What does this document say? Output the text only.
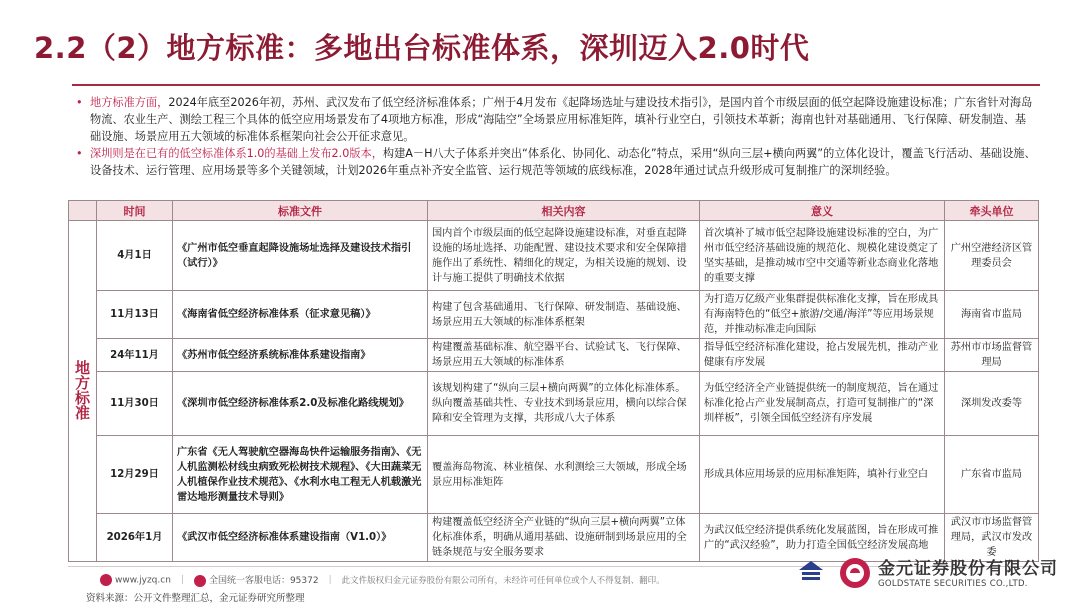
2.2（2）地方标准：多地出台标准体系，深圳迈入2.0时代
• 地方标准方面，2024年底至2026年初，苏州、武汉发布了低空经济标准体系；广州于4月发布《起降场选址与建设技术指引》，是国内首个市级层面的低空起降设施建设标准；广东省针对海岛物流、农业生产、测绘工程三个具体的低空应用场景发布了4项地方标准，形成“海陆空”全场景应用标准矩阵，填补行业空白，引领技术革新；海南也针对基础通用、飞行保障、研发制造、基础设施、场景应用五大领域的标准体系框架向社会公开征求意见。
• 深圳则是在已有的低空标准体系1.0的基础上发布2.0版本，构建A－H八大子体系并突出“体系化、协同化、动态化”特点，采用“纵向三层+横向两翼”的立体化设计，覆盖飞行活动、基础设施、设备技术、运行管理、应用场景等多个关键领域，计划2026年重点补齐安全监管、运行规范等领域的底线标准，2028年通过试点升级形成可复制推广的深圳经验。
	时间	标准文件	相关内容	意义	牵头单位

地
方
标
准	4月1日	《广州市低空垂直起降设施场址选择及建设技术指引（试行）》	国内首个市级层面的低空起降设施建设标准，对垂直起降设施的场址选择、功能配置、建设技术要求和安全保障措施作出了系统性、精细化的规定，为相关设施的规划、设计与施工提供了明确技术依据	首次填补了城市低空起降设施建设标准的空白，为广州市低空经济基础设施的规范化、规模化建设奠定了坚实基础，是推动城市空中交通等新业态商业化落地的重要支撑	广州空港经济区管理委员会
	11月13日	《海南省低空经济标准体系（征求意见稿）》	构建了包含基础通用、飞行保障、研发制造、基础设施、场景应用五大领域的标准体系框架	为打造万亿级产业集群提供标准化支撑，旨在形成具有海南特色的“低空+旅游/交通/海洋”等应用场景规范，并推动标准走向国际	海南省市监局
	24年11月	《苏州市低空经济系统标准体系建设指南》	构建覆盖基础标准、航空器平台、试验试飞、飞行保障、场景应用五大领域的标准体系	指导低空经济标准化建设，抢占发展先机，推动产业健康有序发展	苏州市市场监督管理局
	11月30日	《深圳市低空经济标准体系2.0及标准化路线规划》	该规划构建了“纵向三层+横向两翼”的立体化标准体系。纵向覆盖基础共性、专业技术到场景应用，横向以综合保障和安全管理为支撑，共形成八大子体系	为低空经济全产业链提供统一的制度规范，旨在通过标准化抢占产业发展制高点，打造可复制推广的“深圳样板”，引领全国低空经济有序发展	深圳发改委等
	12月29日	广东省《无人驾驶航空器海岛快件运输服务指南》、《无人机监测松材线虫病致死松树技术规程》、《大田蔬菜无人机植保作业技术规范》、《水利水电工程无人机载激光雷达地形测量技术导则》	覆盖海岛物流、林业植保、水利测绘三大领域，形成全场景应用标准矩阵	形成具体应用场景的应用标准矩阵，填补行业空白	广东省市监局
	2026年1月	《武汉市低空经济标准体系建设指南（V1.0）》	构建覆盖低空经济全产业链的“纵向三层+横向两翼”立体化标准体系，明确从通用基础、设施研制到场景应用的全链条规范与安全服务要求	为武汉低空经济提供系统化发展蓝图，旨在形成可推广的“武汉经验”，助力打造全国低空经济发展高地	武汉市市场监督管理局，武汉市发改委
www.jyzq.cn |	全国统一客服电话：95372 | 此文件版权归金元证券股份有限公司所有，未经许可任何单位或个人不得复制、翻印。
金元证券股份有限公司
GOLDSTATE SECURITIES CO.,LTD.
资料来源：公开文件整理汇总，金元证券研究所整理
